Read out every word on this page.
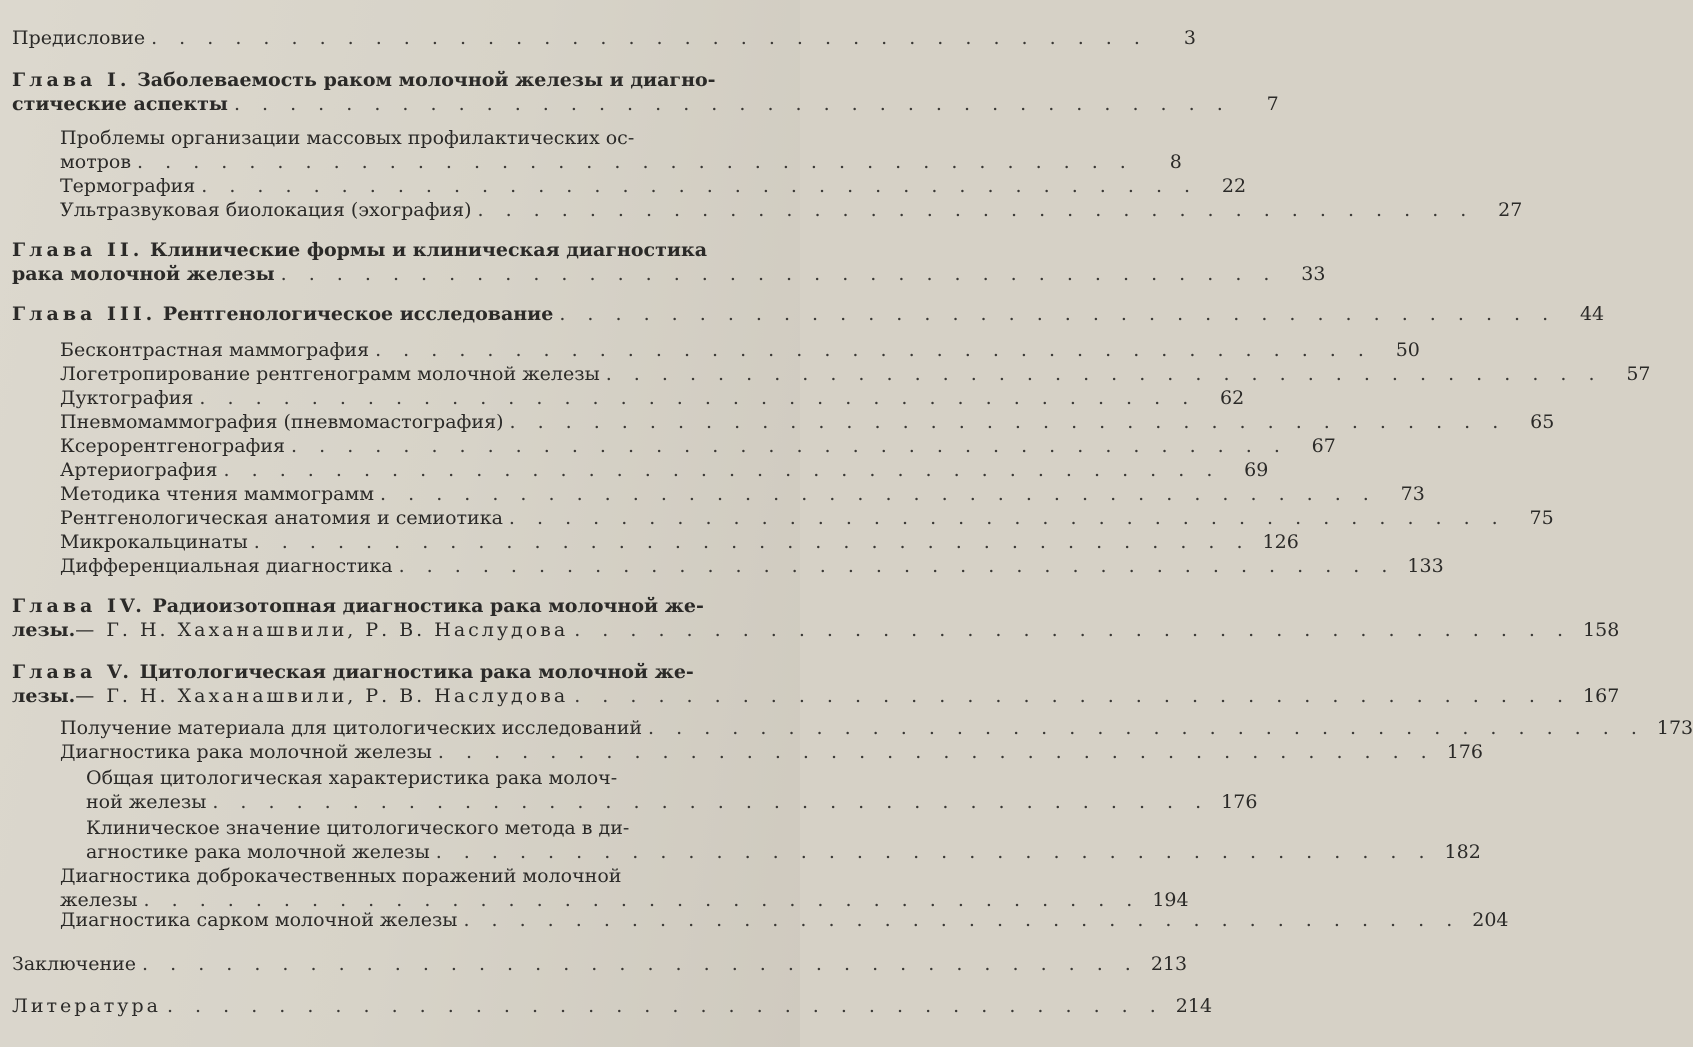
Предисловие . . . . . . . . . . . . . . . . . . . . . . . . . . . . . . . . . . . .	3
Глава I.
Заболеваемость раком молочной железы и диагно-
стические аспекты . . . . . . . . . . . . . . . . . . . . . . . . . . . . . . . . . . . .	7
Проблемы организации массовых профилактических ос-
мотров . . . . . . . . . . . . . . . . . . . . . . . . . . . . . . . . . . . .	8
Термография . . . . . . . . . . . . . . . . . . . . . . . . . . . . . . . . . . . .	22
Ультразвуковая биолокация (эхография) . . . . . . . . . . . . . . . . . . . . . . . . . . . . . . . . . . . .	27
Глава II.
Клинические формы и клиническая диагностика
рака молочной железы . . . . . . . . . . . . . . . . . . . . . . . . . . . . . . . . . . . .	33
Глава III.
Рентгенологическое исследование . . . . . . . . . . . . . . . . . . . . . . . . . . . . . . . . . . . .	44
Бесконтрастная маммография . . . . . . . . . . . . . . . . . . . . . . . . . . . . . . . . . . . .	50
Логетропирование рентгенограмм молочной железы . . . . . . . . . . . . . . . . . . . . . . . . . . . . . . . . . . . .	57
Дуктография . . . . . . . . . . . . . . . . . . . . . . . . . . . . . . . . . . . .	62
Пневмомаммография (пневмомастография) . . . . . . . . . . . . . . . . . . . . . . . . . . . . . . . . . . . .	65
Ксерорентгенография . . . . . . . . . . . . . . . . . . . . . . . . . . . . . . . . . . . .	67
Артериография . . . . . . . . . . . . . . . . . . . . . . . . . . . . . . . . . . . .	69
Методика чтения маммограмм . . . . . . . . . . . . . . . . . . . . . . . . . . . . . . . . . . . .	73
Рентгенологическая анатомия и семиотика . . . . . . . . . . . . . . . . . . . . . . . . . . . . . . . . . . . .	75
Микрокальцинаты . . . . . . . . . . . . . . . . . . . . . . . . . . . . . . . . . . . . 126
Дифференциальная диагностика . . . . . . . . . . . . . . . . . . . . . . . . . . . . . . . . . . . . 133
Глава IV.
Радиоизотопная диагностика рака молочной же-
лезы. — Г. Н. Хаханашвили, Р. В. Наслудова . . . . . . . . . . . . . . . . . . . . . . . . . . . . . . . . . . . . 158
Глава V.
Цитологическая диагностика рака молочной же-
лезы. — Г. Н. Хаханашвили, Р. В. Наслудова . . . . . . . . . . . . . . . . . . . . . . . . . . . . . . . . . . . . 167
Получение материала для цитологических исследований . . . . . . . . . . . . . . . . . . . . . . . . . . . . . . . . . . . . 173
Диагностика рака молочной железы . . . . . . . . . . . . . . . . . . . . . . . . . . . . . . . . . . . . 176
Общая цитологическая характеристика рака молоч-
ной железы . . . . . . . . . . . . . . . . . . . . . . . . . . . . . . . . . . . . 176
Клиническое значение цитологического метода в ди-
агностике рака молочной железы . . . . . . . . . . . . . . . . . . . . . . . . . . . . . . . . . . . . 182
Диагностика доброкачественных поражений молочной
железы . . . . . . . . . . . . . . . . . . . . . . . . . . . . . . . . . . . . 194
Диагностика сарком молочной железы . . . . . . . . . . . . . . . . . . . . . . . . . . . . . . . . . . . . 204
Заключение . . . . . . . . . . . . . . . . . . . . . . . . . . . . . . . . . . . . 213
Литература . . . . . . . . . . . . . . . . . . . . . . . . . . . . . . . . . . . . 214
